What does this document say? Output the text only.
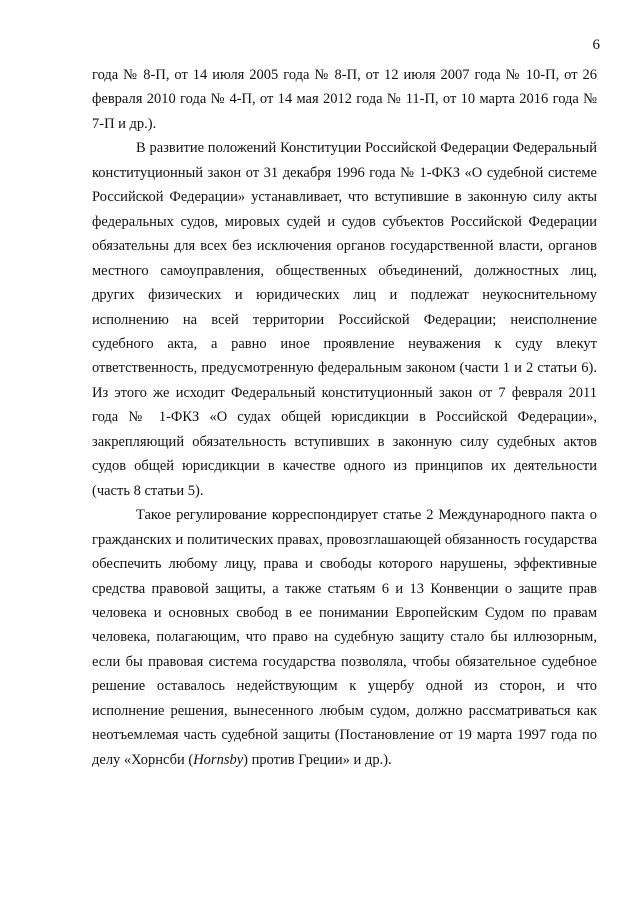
6

года № 8-П, от 14 июля 2005 года № 8-П, от 12 июля 2007 года № 10-П, от 26 февраля 2010 года № 4-П, от 14 мая 2012 года № 11-П, от 10 марта 2016 года № 7-П и др.).

В развитие положений Конституции Российской Федерации Федеральный конституционный закон от 31 декабря 1996 года № 1-ФКЗ «О судебной системе Российской Федерации» устанавливает, что вступившие в законную силу акты федеральных судов, мировых судей и судов субъектов Российской Федерации обязательны для всех без исключения органов государственной власти, органов местного самоуправления, общественных объединений, должностных лиц, других физических и юридических лиц и подлежат неукоснительному исполнению на всей территории Российской Федерации; неисполнение судебного акта, а равно иное проявление неуважения к суду влекут ответственность, предусмотренную федеральным законом (части 1 и 2 статьи 6). Из этого же исходит Федеральный конституционный закон от 7 февраля 2011 года № 1-ФКЗ «О судах общей юрисдикции в Российской Федерации», закрепляющий обязательность вступивших в законную силу судебных актов судов общей юрисдикции в качестве одного из принципов их деятельности (часть 8 статьи 5).

Такое регулирование корреспондирует статье 2 Международного пакта о гражданских и политических правах, провозглашающей обязанность государства обеспечить любому лицу, права и свободы которого нарушены, эффективные средства правовой защиты, а также статьям 6 и 13 Конвенции о защите прав человека и основных свобод в ее понимании Европейским Судом по правам человека, полагающим, что право на судебную защиту стало бы иллюзорным, если бы правовая система государства позволяла, чтобы обязательное судебное решение оставалось недействующим к ущербу одной из сторон, и что исполнение решения, вынесенного любым судом, должно рассматриваться как неотъемлемая часть судебной защиты (Постановление от 19 марта 1997 года по делу «Хорнсби (Hornsby) против Греции» и др.).
